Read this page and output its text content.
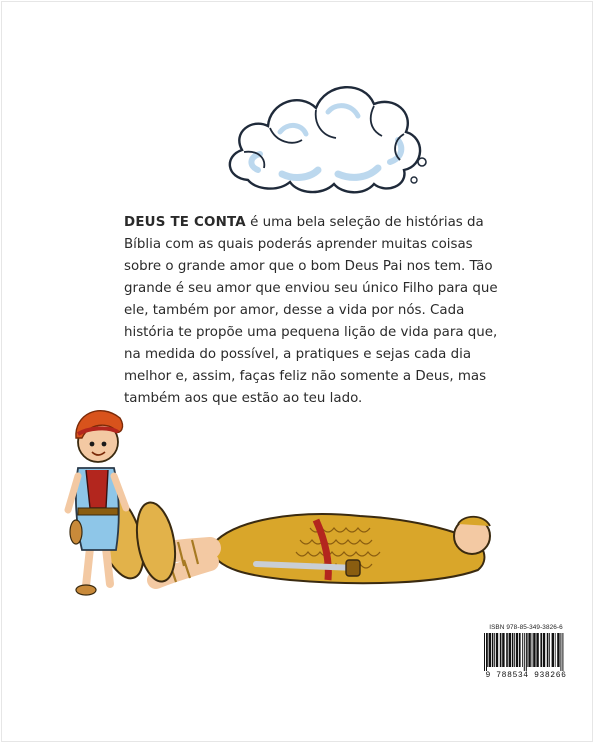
DEUS TE CONTA é uma bela seleção de histórias da Bíblia com as quais poderás aprender muitas coisas sobre o grande amor que o bom Deus Pai nos tem. Tão grande é seu amor que enviou seu único Filho para que ele, também por amor, desse a vida por nós. Cada história te propõe uma pequena lição de vida para que, na medida do possível, a pratiques e sejas cada dia melhor e, assim, faças feliz não somente a Deus, mas também aos que estão ao teu lado.

ISBN 978-85-349-3826-6
9 788534 938266
